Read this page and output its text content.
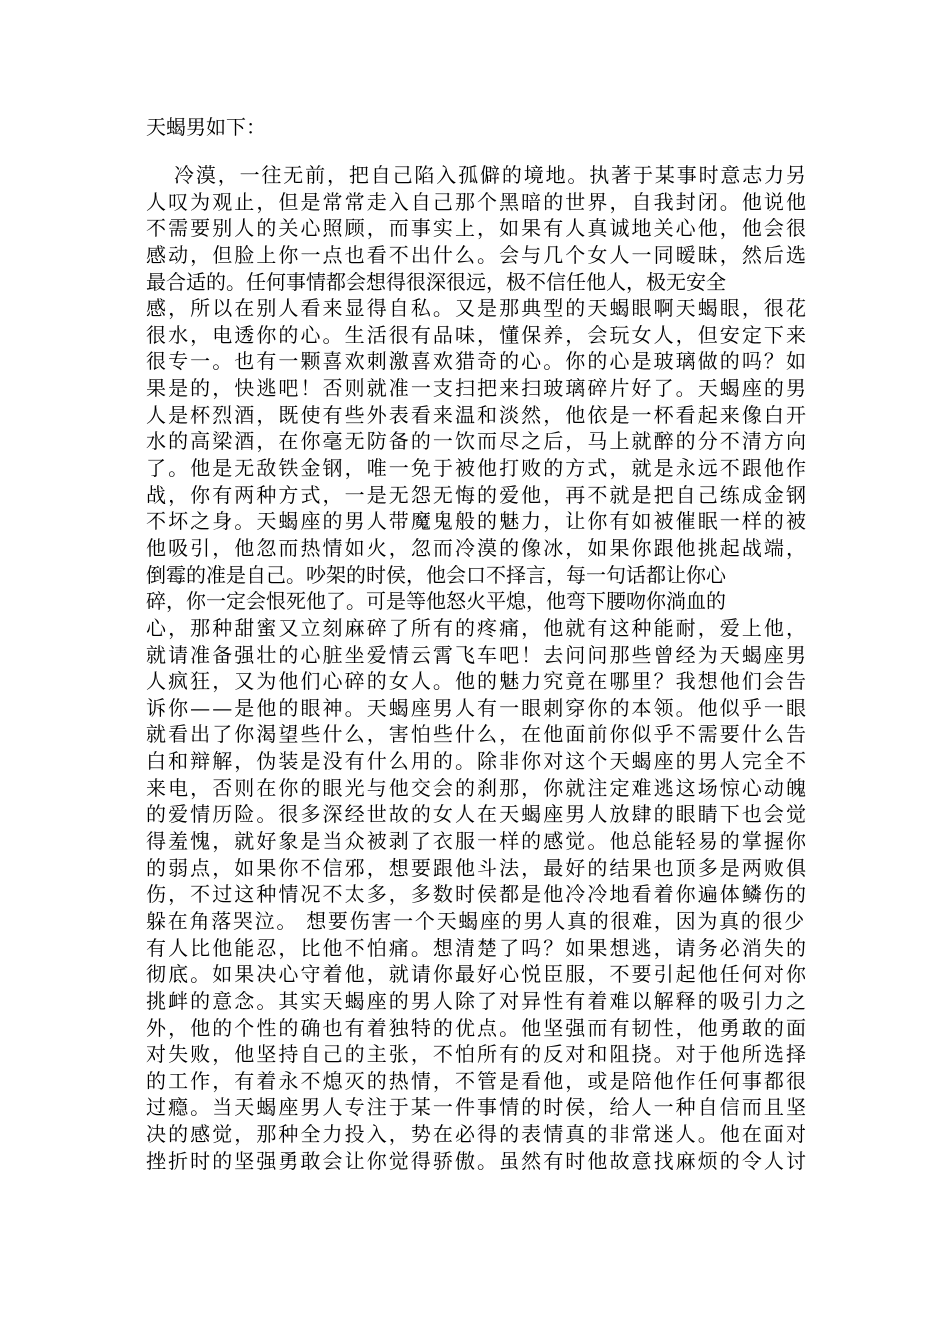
天蝎男如下：
冷漠，一往无前，把自己陷入孤僻的境地。执著于某事时意志力另
人叹为观止，但是常常走入自己那个黑暗的世界，自我封闭。他说他
不需要别人的关心照顾，而事实上，如果有人真诚地关心他，他会很
感动，但脸上你一点也看不出什么。会与几个女人一同暧昧，然后选
最合适的。任何事情都会想得很深很远，极不信任他人，极无安全
感，所以在别人看来显得自私。又是那典型的天蝎眼啊天蝎眼，很花
很水，电透你的心。生活很有品味，懂保养，会玩女人，但安定下来
很专一。也有一颗喜欢刺激喜欢猎奇的心。你的心是玻璃做的吗？如
果是的，快逃吧！否则就准一支扫把来扫玻璃碎片好了。天蝎座的男
人是杯烈酒，既使有些外表看来温和淡然，他依是一杯看起来像白开
水的高梁酒，在你毫无防备的一饮而尽之后，马上就醉的分不清方向
了。他是无敌铁金钢，唯一免于被他打败的方式，就是永远不跟他作
战，你有两种方式，一是无怨无悔的爱他，再不就是把自己练成金钢
不坏之身。天蝎座的男人带魔鬼般的魅力，让你有如被催眠一样的被
他吸引，他忽而热情如火，忽而冷漠的像冰，如果你跟他挑起战端，
倒霉的准是自己。吵架的时侯，他会口不择言，每一句话都让你心
碎，你一定会恨死他了。可是等他怒火平熄，他弯下腰吻你淌血的
心，那种甜蜜又立刻麻碎了所有的疼痛，他就有这种能耐，爱上他，
就请准备强壮的心脏坐爱情云霄飞车吧！去问问那些曾经为天蝎座男
人疯狂，又为他们心碎的女人。他的魅力究竟在哪里？我想他们会告
诉你——是他的眼神。天蝎座男人有一眼刺穿你的本领。他似乎一眼
就看出了你渴望些什么，害怕些什么，在他面前你似乎不需要什么告
白和辩解，伪装是没有什么用的。除非你对这个天蝎座的男人完全不
来电，否则在你的眼光与他交会的刹那，你就注定难逃这场惊心动魄
的爱情历险。很多深经世故的女人在天蝎座男人放肆的眼睛下也会觉
得羞愧，就好象是当众被剥了衣服一样的感觉。他总能轻易的掌握你
的弱点，如果你不信邪，想要跟他斗法，最好的结果也顶多是两败俱
伤，不过这种情况不太多，多数时侯都是他冷冷地看着你遍体鳞伤的
躲在角落哭泣。 想要伤害一个天蝎座的男人真的很难，因为真的很少
有人比他能忍，比他不怕痛。想清楚了吗？如果想逃，请务必消失的
彻底。如果决心守着他，就请你最好心悦臣服，不要引起他任何对你
挑衅的意念。其实天蝎座的男人除了对异性有着难以解释的吸引力之
外，他的个性的确也有着独特的优点。他坚强而有韧性，他勇敢的面
对失败，他坚持自己的主张，不怕所有的反对和阻挠。对于他所选择
的工作，有着永不熄灭的热情，不管是看他，或是陪他作任何事都很
过瘾。当天蝎座男人专注于某一件事情的时侯，给人一种自信而且坚
决的感觉，那种全力投入，势在必得的表情真的非常迷人。他在面对
挫折时的坚强勇敢会让你觉得骄傲。虽然有时他故意找麻烦的令人讨
